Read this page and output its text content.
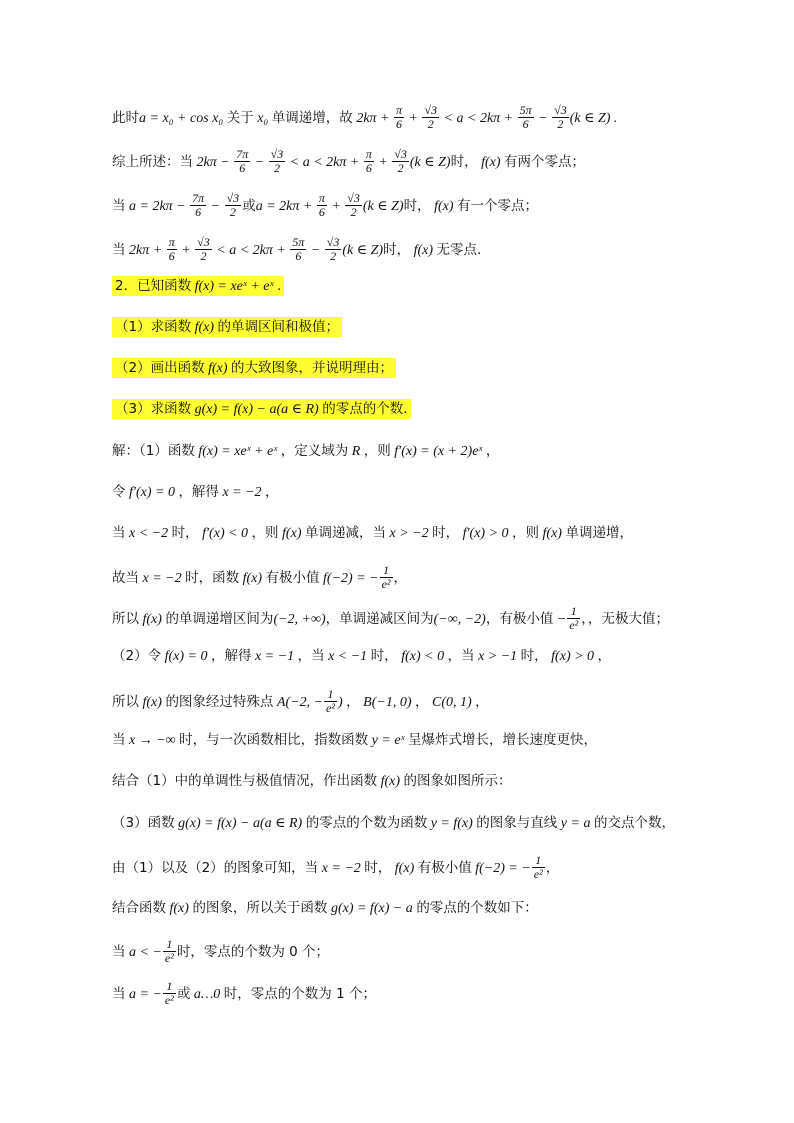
此时a = x₀ + cos x₀ 关于 x₀ 单调递增，故 $2k\pi + \frac{\pi}{6} + \frac{√3}{2} < a < 2k\pi + \frac{5\pi}{6} - \frac{√3}{2} (k$ ∈ Z) .
综上所述：当 $2k\pi - \frac{7\pi}{6} - \frac{√3}{2} < a < 2k\pi + \frac{\pi}{6} + \frac{√3}{2} (k$ ∈ Z)时， f(x) 有两个零点；
当 $a = 2k\pi - \frac{7\pi}{6} - \frac{√3}{2}$ 或$a = 2k\pi + \frac{\pi}{6} + \frac{√3}{2} (k$ ∈ Z)时， f(x) 有一个零点；
当 $2k\pi + \frac{\pi}{6} + \frac{√3}{2} < a < 2k\pi + \frac{5\pi}{6} - \frac{√3}{2} (k$ ∈ Z)时， f(x) 无零点.
2．已知函数 f(x) = xeˣ + eˣ .
（1）求函数 f(x) 的单调区间和极值；
（2）画出函数 f(x) 的大致图象，并说明理由；
（3）求函数 g(x) = f(x) − a(a ∈ R) 的零点的个数.
解：（1）函数 f(x) = xeˣ + eˣ ，定义域为 R ，则 f′(x) = (x + 2)eˣ ，
令 f′(x) = 0 ，解得 x = −2 ，
当 x < −2 时， f′(x) < 0 ，则 f(x) 单调递减，当 x > −2 时， f′(x) > 0 ，则 f(x) 单调递增，
故当 x = −2 时，函数 f(x) 有极小值 f(−2) = − $\frac{1}{\text{e²}}$ ，
所以 f(x) 的单调递增区间为(−2, +∞)，单调递减区间为(−∞, −2)，有极小值 − $\frac{1}{\text{e²}}$ ，，无极大值；
（2）令 f(x) = 0 ，解得 x = −1 ，当 x < −1 时， f(x) < 0 ，当 x > −1 时， f(x) > 0 ，
所以 f(x) 的图象经过特殊点 A(−2, − $\frac{1}{\text{e²}}$ ) ， B(−1, 0) ， C(0, 1) ，
当 x → −∞ 时，与一次函数相比，指数函数 y = eˣ 呈爆炸式增长，增长速度更快，
结合（1）中的单调性与极值情况，作出函数 f(x) 的图象如图所示：
（3）函数 g(x) = f(x) − a(a ∈ R) 的零点的个数为函数 y = f(x) 的图象与直线 y = a 的交点个数，
由（1）以及（2）的图象可知，当 x = −2 时， f(x) 有极小值 f(−2) = − $\frac{1}{\text{e²}}$ ，
结合函数 f(x) 的图象，所以关于函数 g(x) = f(x) − a 的零点的个数如下：
当 a < − $\frac{1}{\text{e²}}$ 时，零点的个数为 0 个；
当 a = − $\frac{1}{\text{e²}}$ 或 a…0 时，零点的个数为 1 个；
